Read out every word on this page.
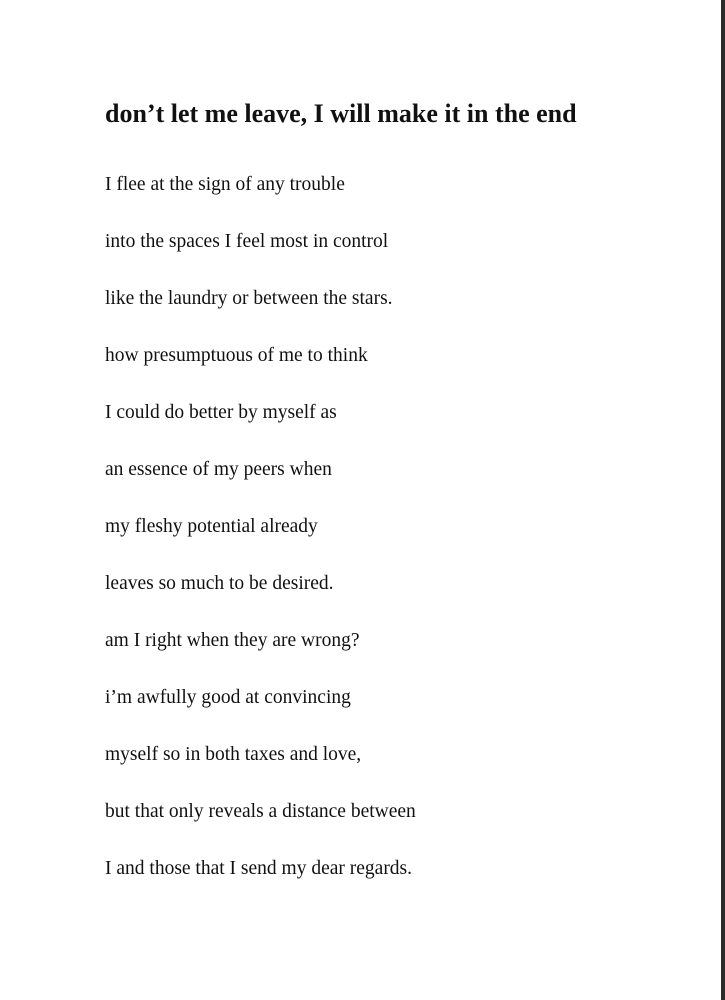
don’t let me leave, I will make it in the end
I flee at the sign of any trouble
into the spaces I feel most in control
like the laundry or between the stars.
how presumptuous of me to think
I could do better by myself as
an essence of my peers when
my fleshy potential already
leaves so much to be desired.
am I right when they are wrong?
i’m awfully good at convincing
myself so in both taxes and love,
but that only reveals a distance between
I and those that I send my dear regards.
